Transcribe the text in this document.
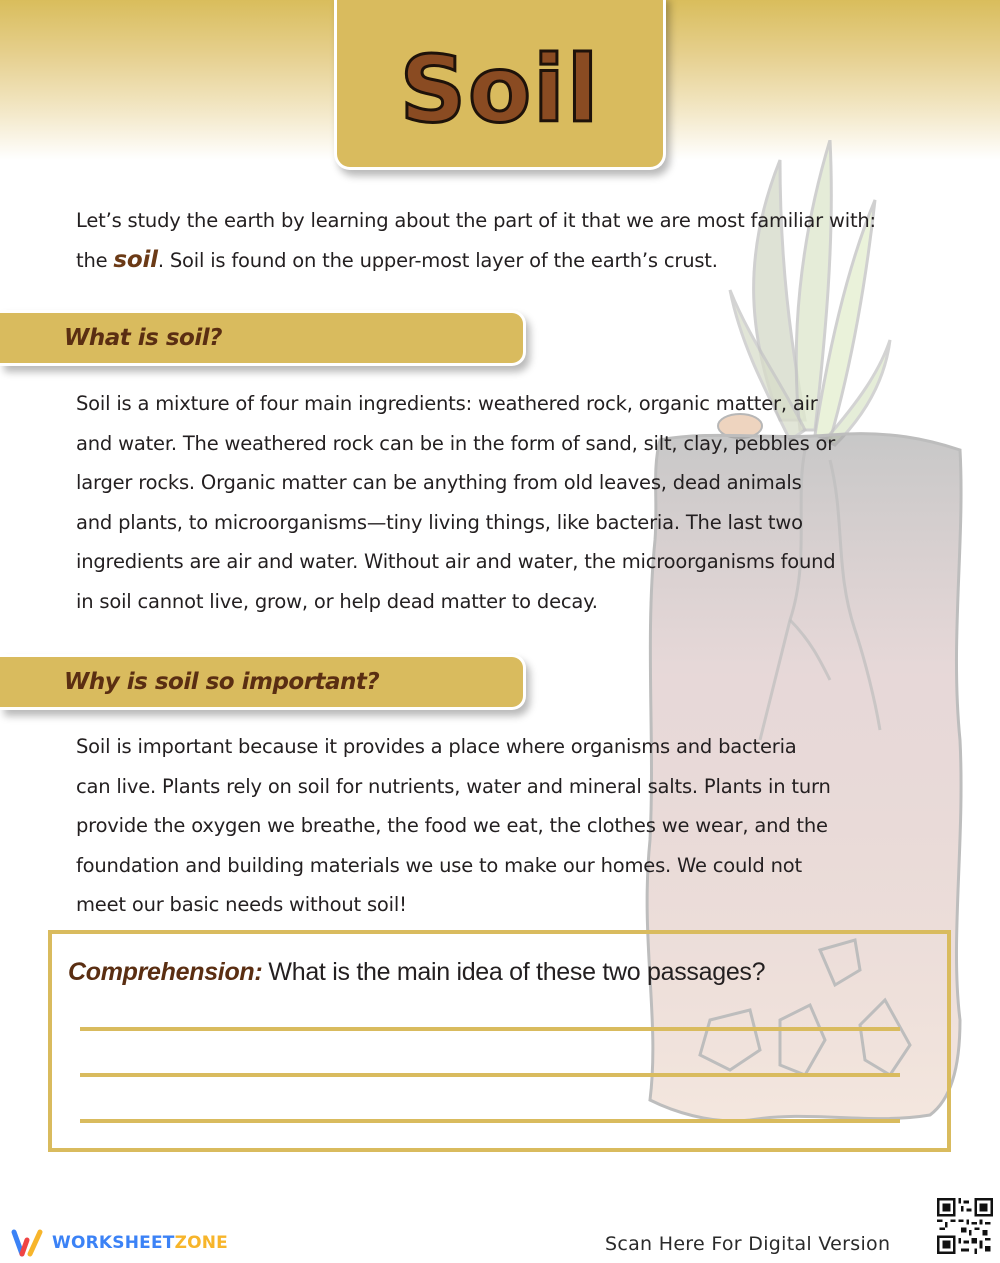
Soil
Let’s study the earth by learning about the part of it that we are most familiar with:
the soil. Soil is found on the upper-most layer of the earth’s crust.
What is soil?
Soil is a mixture of four main ingredients: weathered rock, organic matter, air
and water. The weathered rock can be in the form of sand, silt, clay, pebbles or
larger rocks. Organic matter can be anything from old leaves, dead animals
and plants, to microorganisms—tiny living things, like bacteria. The last two
ingredients are air and water. Without air and water, the microorganisms found
in soil cannot live, grow, or help dead matter to decay.
Why is soil so important?
Soil is important because it provides a place where organisms and bacteria
can live. Plants rely on soil for nutrients, water and mineral salts. Plants in turn
provide the oxygen we breathe, the food we eat, the clothes we wear, and the
foundation and building materials we use to make our homes. We could not
meet our basic needs without soil!
Comprehension: What is the main idea of these two passages?
WORKSHEET ZONE	Scan Here For Digital Version
